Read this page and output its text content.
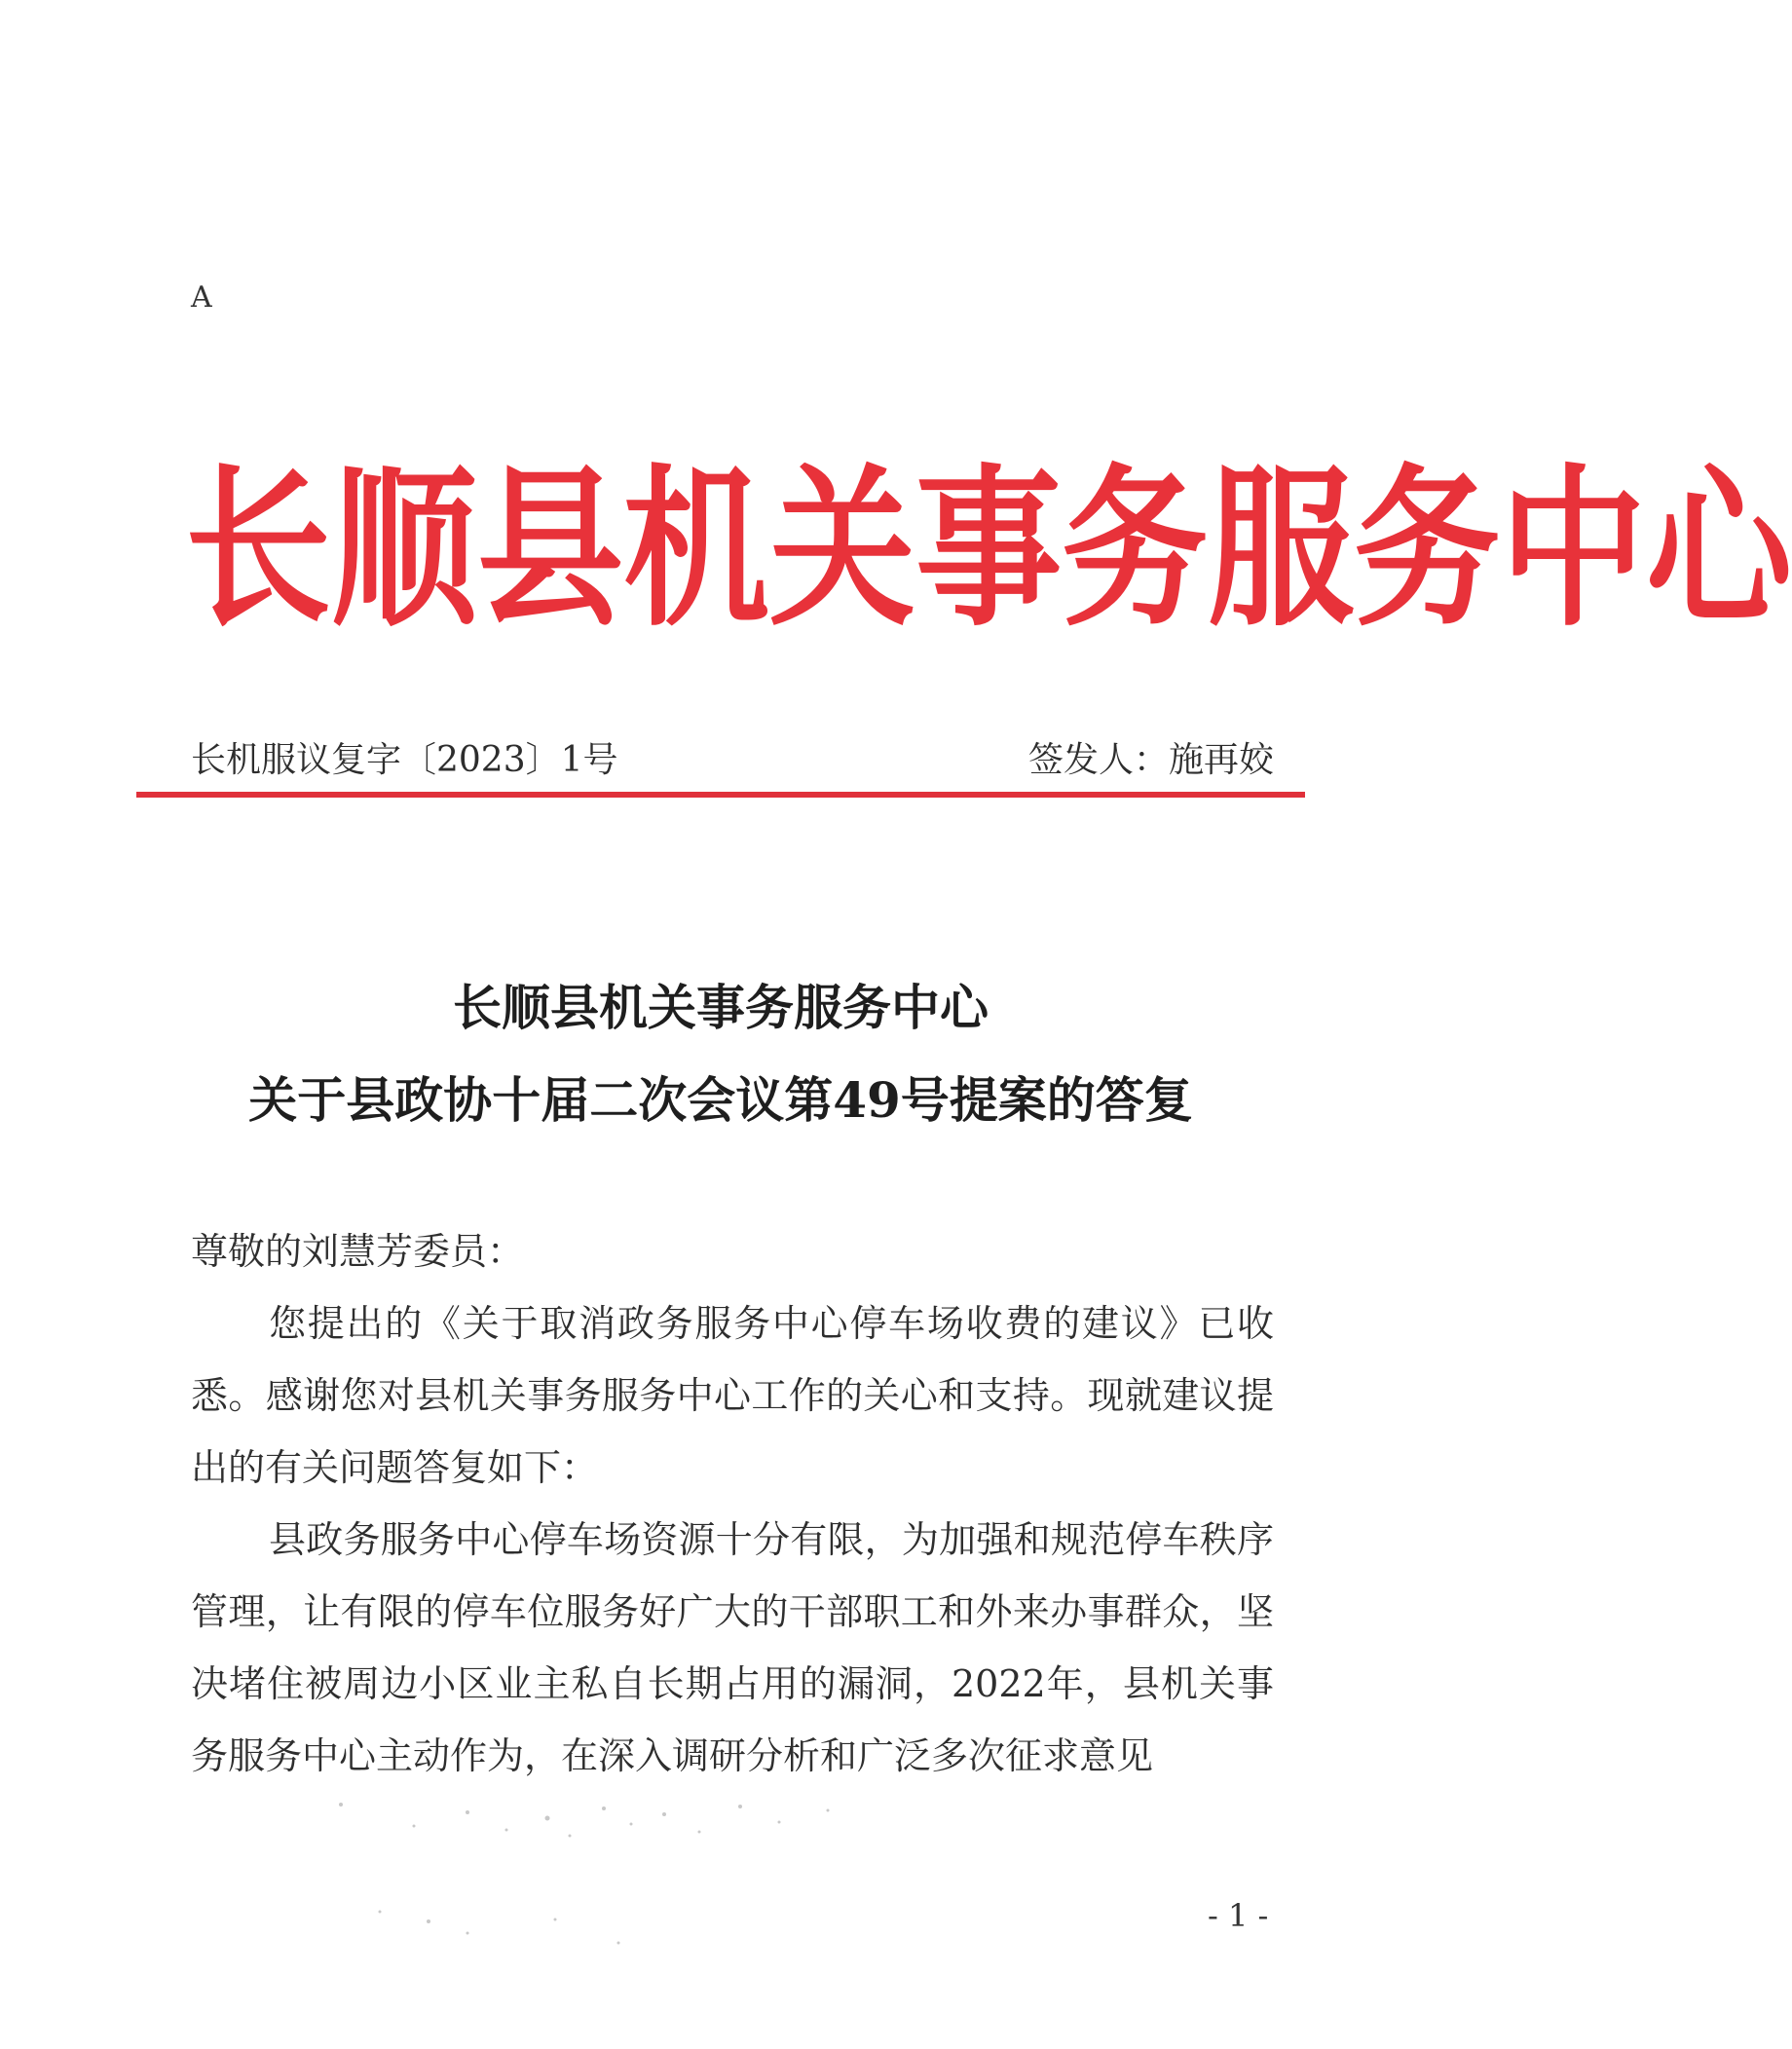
A
长 顺 县 机 关 事 务 服 务 中 心
长机服议复字〔2023〕1号	签发人：施再姣
长顺县机关事务服务中心
关于县政协十届二次会议第49号提案的答复
尊敬的刘慧芳委员：
您提出的《关于取消政务服务中心停车场收费的建议》已收悉。感谢您对县机关事务服务中心工作的关心和支持。现就建议提出的有关问题答复如下：
县政务服务中心停车场资源十分有限，为加强和规范停车秩序管理，让有限的停车位服务好广大的干部职工和外来办事群众，坚决堵住被周边小区业主私自长期占用的漏洞，2022年，县机关事务服务中心主动作为，在深入调研分析和广泛多次征求意见
- 1 -
